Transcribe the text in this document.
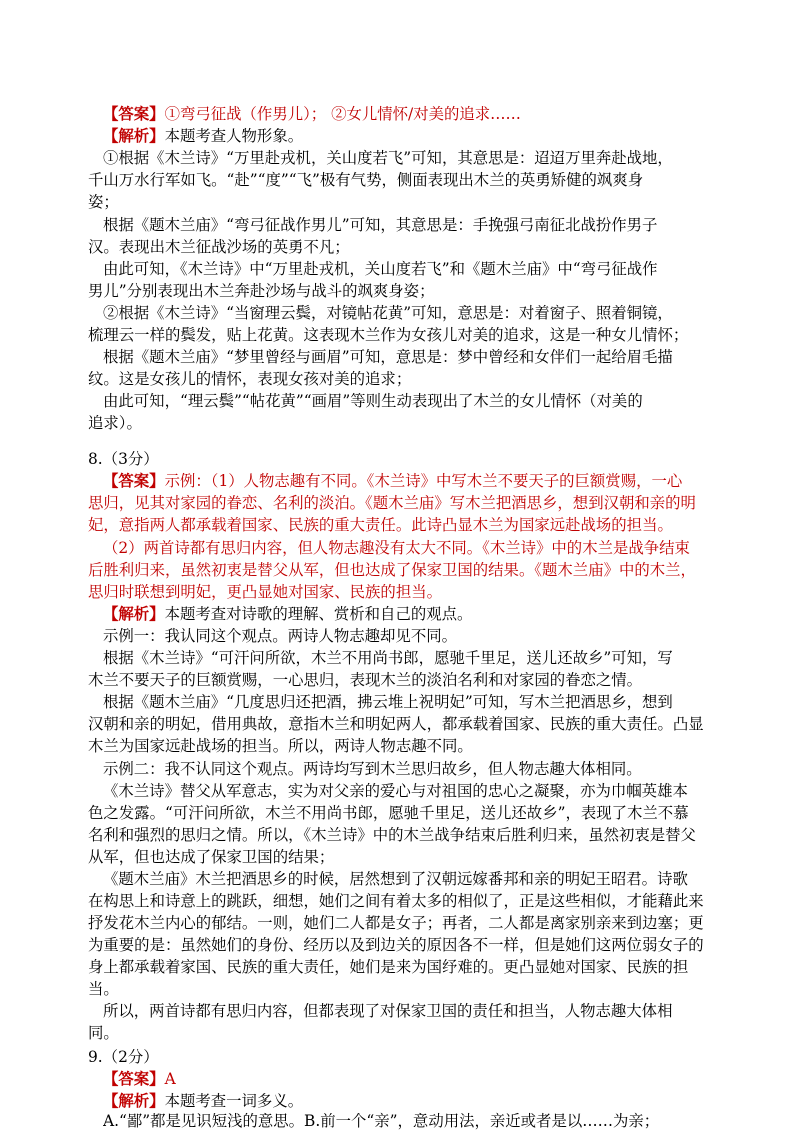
【答案】①弯弓征战（作男儿）； ②女儿情怀/对美的追求……
【解析】本题考查人物形象。
①根据《木兰诗》“万里赴戎机，关山度若飞”可知，其意思是：迢迢万里奔赴战地，
千山万水行军如飞。“赴”“度”“飞”极有气势，侧面表现出木兰的英勇矫健的飒爽身
姿；
根据《题木兰庙》“弯弓征战作男儿”可知，其意思是：手挽强弓南征北战扮作男子
汉。表现出木兰征战沙场的英勇不凡；
由此可知，《木兰诗》中“万里赴戎机，关山度若飞”和《题木兰庙》中“弯弓征战作
男儿”分别表现出木兰奔赴沙场与战斗的飒爽身姿；
②根据《木兰诗》“当窗理云鬓，对镜帖花黄”可知，意思是：对着窗子、照着铜镜，
梳理云一样的鬓发，贴上花黄。这表现木兰作为女孩儿对美的追求，这是一种女儿情怀；
根据《题木兰庙》“梦里曾经与画眉”可知，意思是：梦中曾经和女伴们一起给眉毛描
纹。这是女孩儿的情怀，表现女孩对美的追求；
由此可知，“理云鬓”“帖花黄”“画眉”等则生动表现出了木兰的女儿情怀（对美的
追求）。
8.（3分）
【答案】示例：（1）人物志趣有不同。《木兰诗》中写木兰不要天子的巨额赏赐，一心
思归，见其对家园的眷恋、名利的淡泊。《题木兰庙》写木兰把酒思乡，想到汉朝和亲的明
妃，意指两人都承载着国家、民族的重大责任。此诗凸显木兰为国家远赴战场的担当。
（2）两首诗都有思归内容，但人物志趣没有太大不同。《木兰诗》中的木兰是战争结束
后胜利归来，虽然初衷是替父从军，但也达成了保家卫国的结果。《题木兰庙》中的木兰，
思归时联想到明妃，更凸显她对国家、民族的担当。
【解析】本题考查对诗歌的理解、赏析和自己的观点。
示例一：我认同这个观点。两诗人物志趣却见不同。
根据《木兰诗》“可汗问所欲，木兰不用尚书郎，愿驰千里足，送儿还故乡”可知，写
木兰不要天子的巨额赏赐，一心思归，表现木兰的淡泊名利和对家园的眷恋之情。
根据《题木兰庙》“几度思归还把酒，拂云堆上祝明妃”可知，写木兰把酒思乡，想到
汉朝和亲的明妃，借用典故，意指木兰和明妃两人，都承载着国家、民族的重大责任。凸显
木兰为国家远赴战场的担当。所以，两诗人物志趣不同。
示例二：我不认同这个观点。两诗均写到木兰思归故乡，但人物志趣大体相同。
《木兰诗》替父从军意志，实为对父亲的爱心与对祖国的忠心之凝聚，亦为巾帼英雄本
色之发露。“可汗问所欲，木兰不用尚书郎，愿驰千里足，送儿还故乡”，表现了木兰不慕
名利和强烈的思归之情。所以，《木兰诗》中的木兰战争结束后胜利归来，虽然初衷是替父
从军，但也达成了保家卫国的结果；
《题木兰庙》木兰把酒思乡的时候，居然想到了汉朝远嫁番邦和亲的明妃王昭君。诗歌
在构思上和诗意上的跳跃，细想，她们之间有着太多的相似了，正是这些相似，才能藉此来
抒发花木兰内心的郁结。一则，她们二人都是女子；再者，二人都是离家别亲来到边塞；更
为重要的是：虽然她们的身份、经历以及到边关的原因各不一样，但是她们这两位弱女子的
身上都承载着家国、民族的重大责任，她们是来为国纾难的。更凸显她对国家、民族的担
当。
所以，两首诗都有思归内容，但都表现了对保家卫国的责任和担当，人物志趣大体相
同。
9.（2分）
【答案】A
【解析】本题考查一词多义。
A.“鄙”都是见识短浅的意思。B.前一个“亲”，意动用法，亲近或者是以……为亲；
